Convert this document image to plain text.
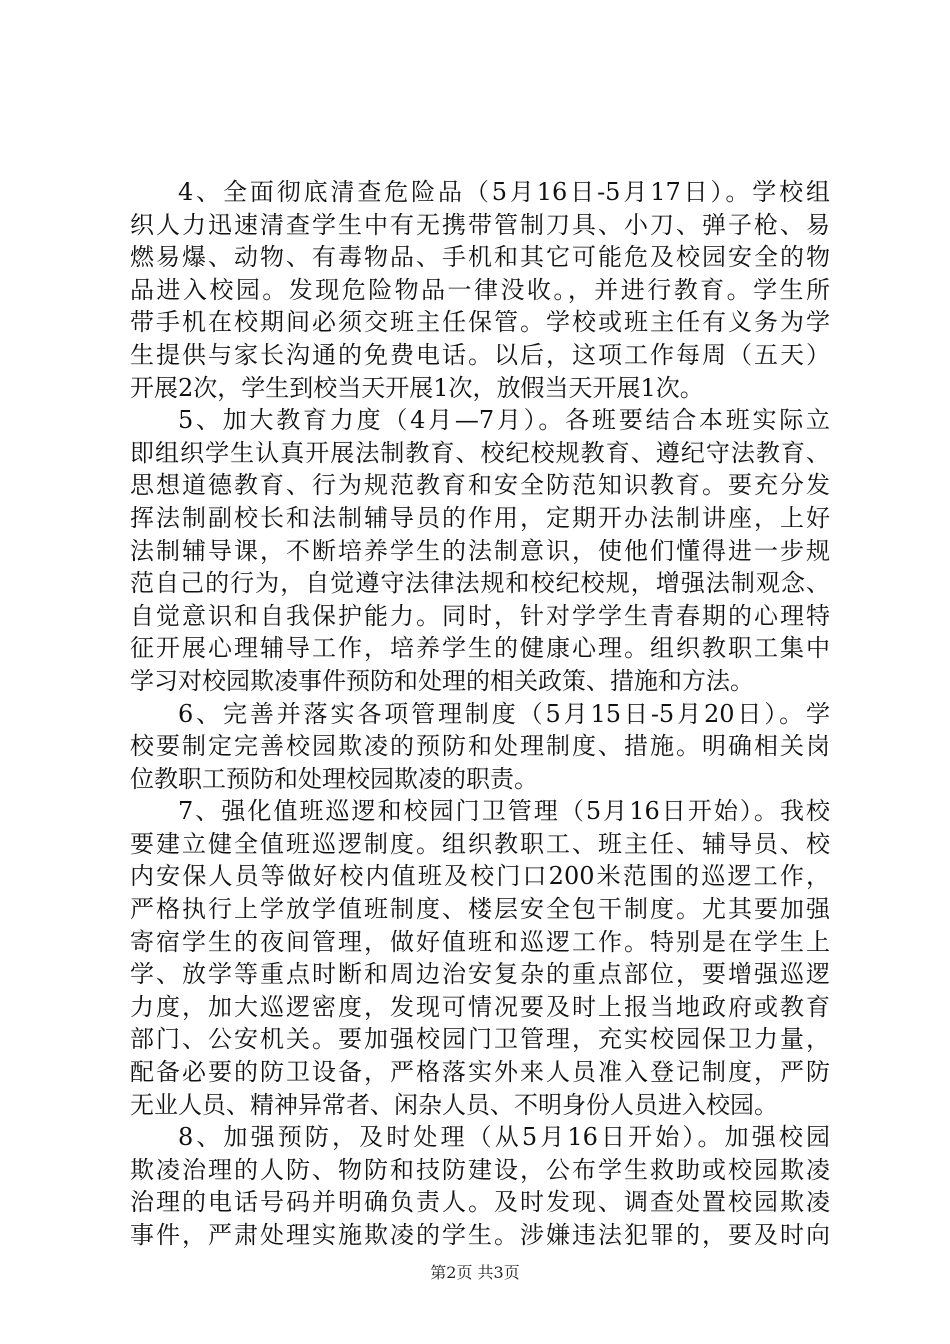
4、全面彻底清查危险品（5月16日-5月17日）。学校组
织人力迅速清查学生中有无携带管制刀具、小刀、弹子枪、易
燃易爆、动物、有毒物品、手机和其它可能危及校园安全的物
品进入校园。发现危险物品一律没收。，并进行教育。学生所
带手机在校期间必须交班主任保管。学校或班主任有义务为学
生提供与家长沟通的免费电话。以后，这项工作每周（五天）
开展2次，学生到校当天开展1次，放假当天开展1次。
5、加大教育力度（4月—7月）。各班要结合本班实际立
即组织学生认真开展法制教育、校纪校规教育、遵纪守法教育、
思想道德教育、行为规范教育和安全防范知识教育。要充分发
挥法制副校长和法制辅导员的作用，定期开办法制讲座，上好
法制辅导课，不断培养学生的法制意识，使他们懂得进一步规
范自己的行为，自觉遵守法律法规和校纪校规，增强法制观念、
自觉意识和自我保护能力。同时，针对学学生青春期的心理特
征开展心理辅导工作，培养学生的健康心理。组织教职工集中
学习对校园欺凌事件预防和处理的相关政策、措施和方法。
6、完善并落实各项管理制度（5月15日-5月20日）。学
校要制定完善校园欺凌的预防和处理制度、措施。明确相关岗
位教职工预防和处理校园欺凌的职责。
7、强化值班巡逻和校园门卫管理（5月16日开始）。我校
要建立健全值班巡逻制度。组织教职工、班主任、辅导员、校
内安保人员等做好校内值班及校门口200米范围的巡逻工作，
严格执行上学放学值班制度、楼层安全包干制度。尤其要加强
寄宿学生的夜间管理，做好值班和巡逻工作。特别是在学生上
学、放学等重点时断和周边治安复杂的重点部位，要增强巡逻
力度，加大巡逻密度，发现可情况要及时上报当地政府或教育
部门、公安机关。要加强校园门卫管理，充实校园保卫力量，
配备必要的防卫设备，严格落实外来人员准入登记制度，严防
无业人员、精神异常者、闲杂人员、不明身份人员进入校园。
8、加强预防，及时处理（从5月16日开始）。加强校园
欺凌治理的人防、物防和技防建设，公布学生救助或校园欺凌
治理的电话号码并明确负责人。及时发现、调查处置校园欺凌
事件，严肃处理实施欺凌的学生。涉嫌违法犯罪的，要及时向
第2页 共3页
